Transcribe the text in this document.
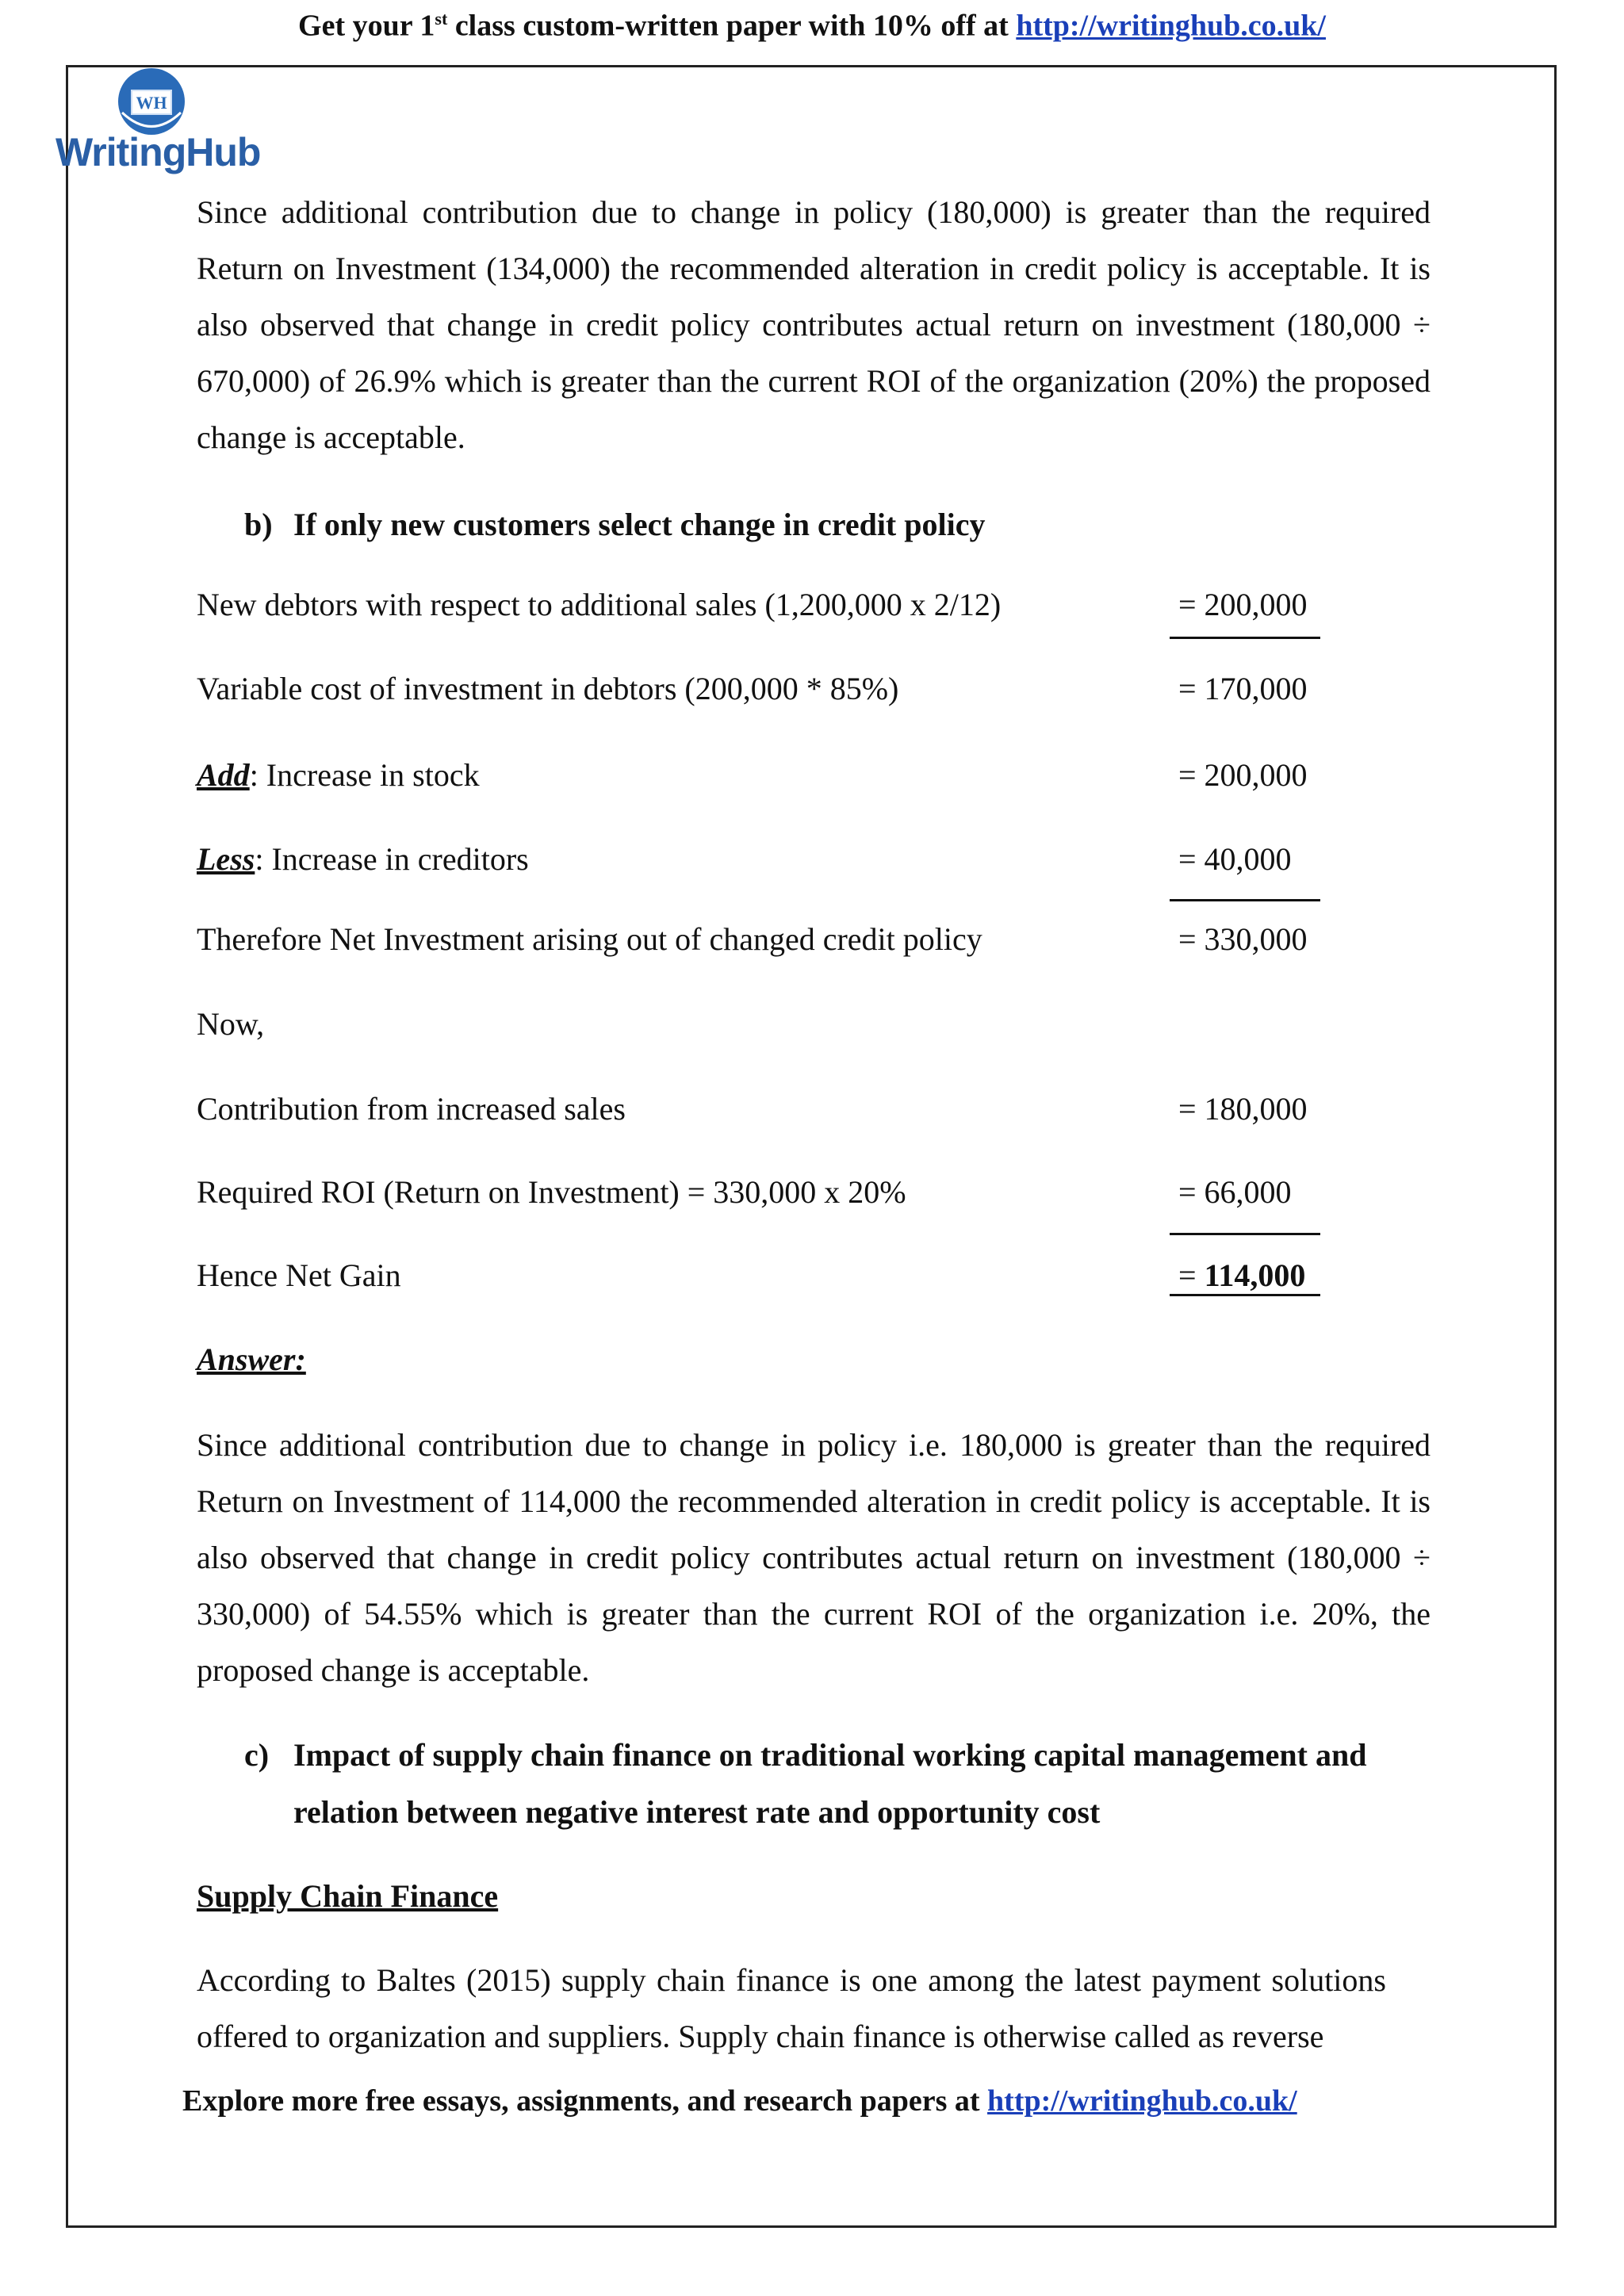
Get your 1st class custom-written paper with 10% off at http://writinghub.co.uk/
WH
WritingHub

Since additional contribution due to change in policy (180,000) is greater than the required Return on Investment (134,000) the recommended alteration in credit policy is acceptable. It is also observed that change in credit policy contributes actual return on investment (180,000 ÷ 670,000) of 26.9% which is greater than the current ROI of the organization (20%) the proposed change is acceptable.

b) If only new customers select change in credit policy
New debtors with respect to additional sales (1,200,000 x 2/12)	= 200,000
Variable cost of investment in debtors (200,000 * 85%)	= 170,000
Add: Increase in stock	= 200,000
Less: Increase in creditors	= 40,000
Therefore Net Investment arising out of changed credit policy	= 330,000
Now,
Contribution from increased sales	= 180,000
Required ROI (Return on Investment) = 330,000 x 20%	= 66,000
Hence Net Gain	= 114,000
Answer:

Since additional contribution due to change in policy i.e. 180,000 is greater than the required Return on Investment of 114,000 the recommended alteration in credit policy is acceptable. It is also observed that change in credit policy contributes actual return on investment (180,000 ÷ 330,000) of 54.55% which is greater than the current ROI of the organization i.e. 20%, the proposed change is acceptable.

c) Impact of supply chain finance on traditional working capital management and
relation between negative interest rate and opportunity cost
Supply Chain Finance

According to Baltes (2015) supply chain finance is one among the latest payment solutions offered to organization and suppliers. Supply chain finance is otherwise called as reverse

Explore more free essays, assignments, and research papers at http://writinghub.co.uk/
